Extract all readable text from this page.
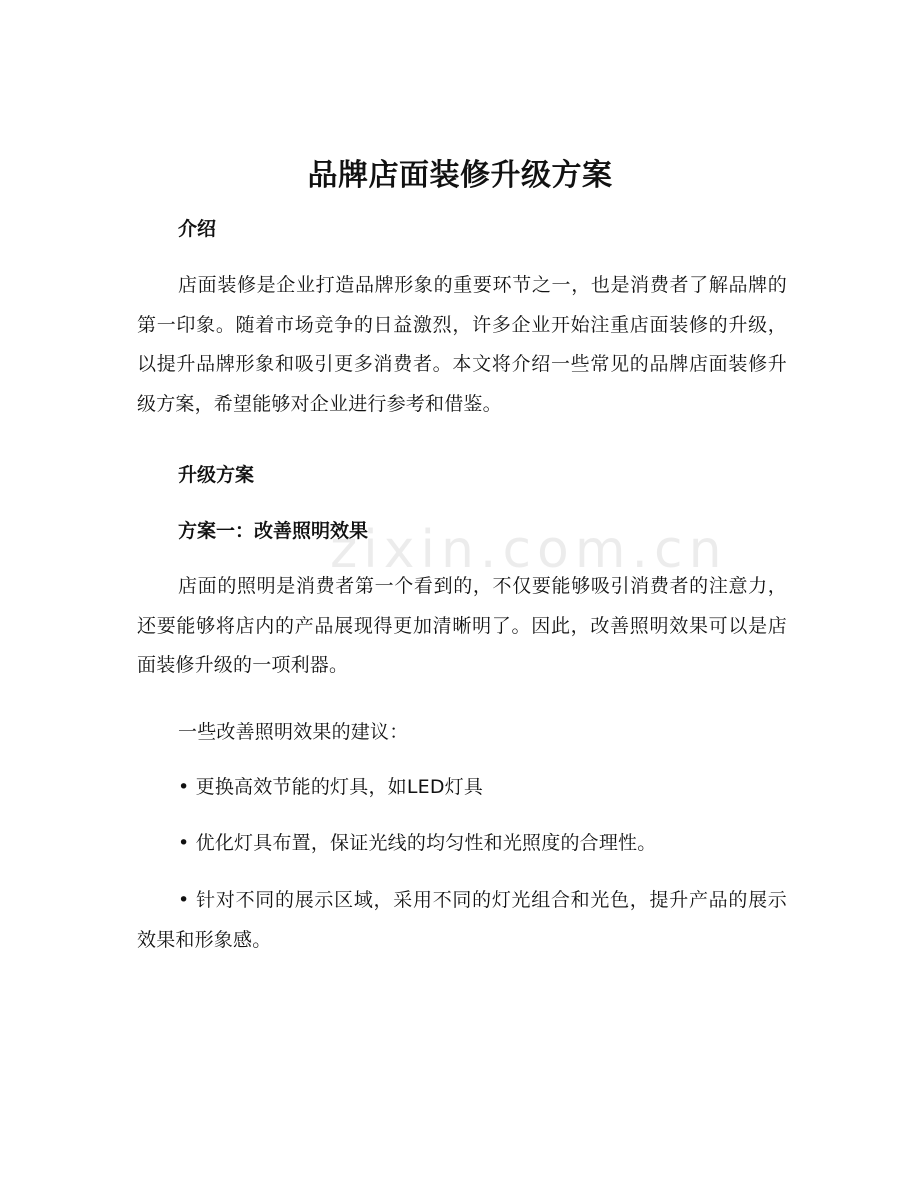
zixin.com.cn
品牌店面装修升级方案
介绍

店面装修是企业打造品牌形象的重要环节之一，也是消费者了解品牌的第一印象。随着市场竞争的日益激烈，许多企业开始注重店面装修的升级，以提升品牌形象和吸引更多消费者。本文将介绍一些常见的品牌店面装修升级方案，希望能够对企业进行参考和借鉴。

升级方案
方案一：改善照明效果

店面的照明是消费者第一个看到的，不仅要能够吸引消费者的注意力，还要能够将店内的产品展现得更加清晰明了。因此，改善照明效果可以是店面装修升级的一项利器。

一些改善照明效果的建议：

• 更换高效节能的灯具，如LED灯具

• 优化灯具布置，保证光线的均匀性和光照度的合理性。

• 针对不同的展示区域，采用不同的灯光组合和光色，提升产品的展示效果和形象感。
